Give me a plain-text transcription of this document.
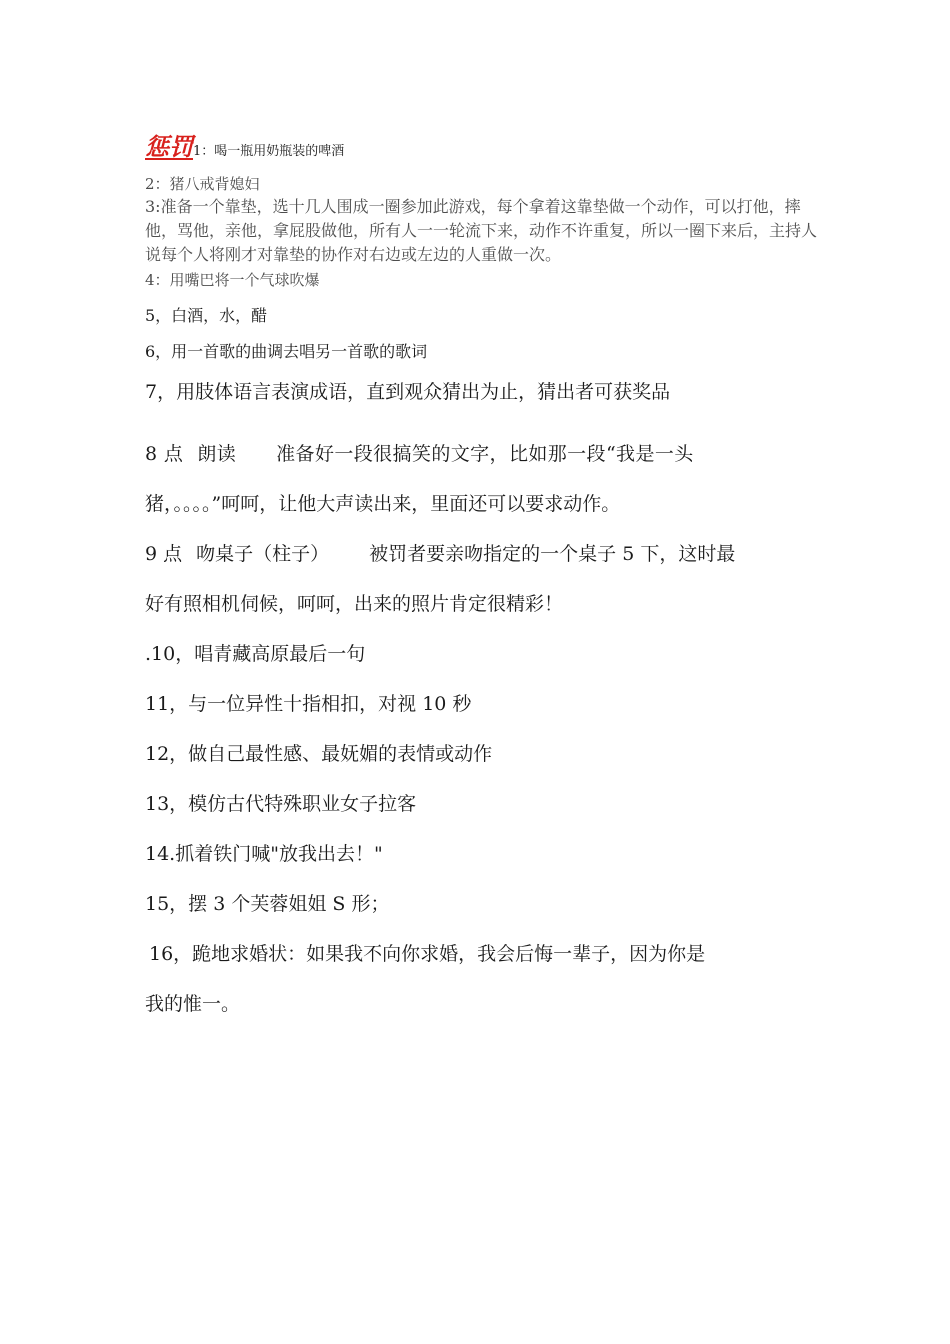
惩罚1：喝一瓶用奶瓶装的啤酒

2：猪八戒背媳妇

3:准备一个靠垫，选十几人围成一圈参加此游戏，每个拿着这靠垫做一个动作，可以打他，摔他，骂他，亲他，拿屁股做他，所有人一一轮流下来，动作不许重复，所以一圈下来后，主持人说每个人将刚才对靠垫的协作对右边或左边的人重做一次。

4：用嘴巴将一个气球吹爆

5，白酒，水，醋

6，用一首歌的曲调去唱另一首歌的歌词

7，用肢体语言表演成语，直到观众猜出为止，猜出者可获奖品

8 点 朗读 准备好一段很搞笑的文字，比如那一段“我是一头

猪，。。。。”呵呵，让他大声读出来，里面还可以要求动作。

9 点 吻桌子（柱子） 被罚者要亲吻指定的一个桌子 5 下，这时最

好有照相机伺候，呵呵，出来的照片肯定很精彩！

.10，唱青藏高原最后一句

11，与一位异性十指相扣，对视 10 秒

12，做自己最性感、最妩媚的表情或动作

13，模仿古代特殊职业女子拉客

14.抓着铁门喊"放我出去！"

15，摆 3 个芙蓉姐姐 S 形；

16，跪地求婚状：如果我不向你求婚，我会后悔一辈子，因为你是

我的惟一。
